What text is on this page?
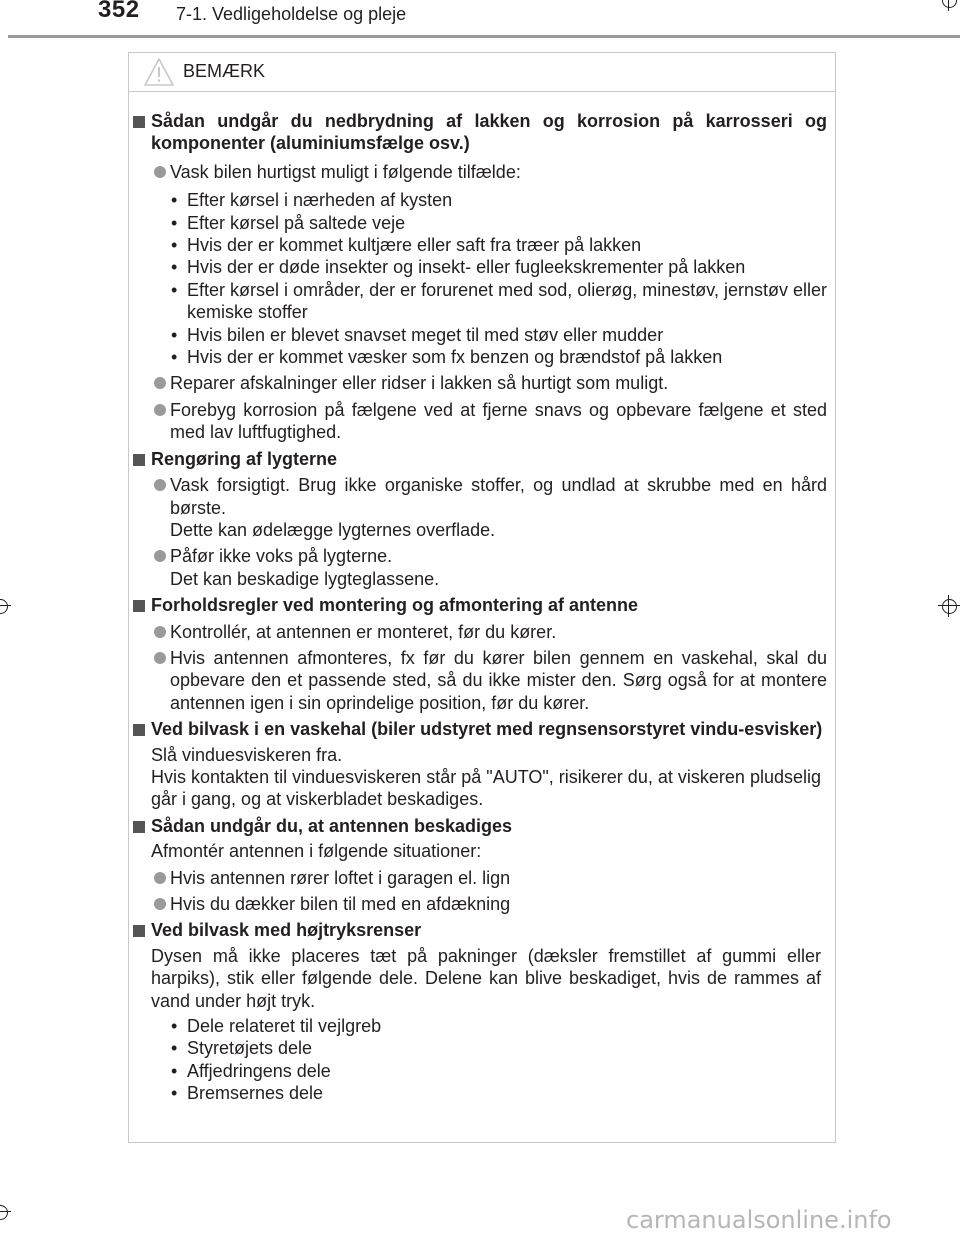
352 7-1. Vedligeholdelse og pleje
BEMÆRK
Sådan undgår du nedbrydning af lakken og korrosion på karrosseri og komponenter (aluminiumsfælge osv.)
Vask bilen hurtigst muligt i følgende tilfælde:
• Efter kørsel i nærheden af kysten
• Efter kørsel på saltede veje
• Hvis der er kommet kultjære eller saft fra træer på lakken
• Hvis der er døde insekter og insekt- eller fugleekskrementer på lakken
• Efter kørsel i områder, der er forurenet med sod, olierøg, minestøv, jernstøv eller kemiske stoffer
• Hvis bilen er blevet snavset meget til med støv eller mudder
• Hvis der er kommet væsker som fx benzen og brændstof på lakken
Reparer afskalninger eller ridser i lakken så hurtigt som muligt.
Forebyg korrosion på fælgene ved at fjerne snavs og opbevare fælgene et sted med lav luftfugtighed.
Rengøring af lygterne
Vask forsigtigt. Brug ikke organiske stoffer, og undlad at skrubbe med en hård børste.
Dette kan ødelægge lygternes overflade.
Påfør ikke voks på lygterne.
Det kan beskadige lygteglassene.
Forholdsregler ved montering og afmontering af antenne
Kontrollér, at antennen er monteret, før du kører.
Hvis antennen afmonteres, fx før du kører bilen gennem en vaskehal, skal du opbevare den et passende sted, så du ikke mister den. Sørg også for at montere antennen igen i sin oprindelige position, før du kører.
Ved bilvask i en vaskehal (biler udstyret med regnsensorstyret vindu-esvisker)
Slå vinduesviskeren fra.
Hvis kontakten til vinduesviskeren står på "AUTO", risikerer du, at viskeren pludselig går i gang, og at viskerbladet beskadiges.
Sådan undgår du, at antennen beskadiges
Afmontér antennen i følgende situationer:
Hvis antennen rører loftet i garagen el. lign
Hvis du dækker bilen til med en afdækning
Ved bilvask med højtryksrenser
Dysen må ikke placeres tæt på pakninger (dæksler fremstillet af gummi eller harpiks), stik eller følgende dele. Delene kan blive beskadiget, hvis de rammes af vand under højt tryk.
• Dele relateret til vejlgreb
• Styretøjets dele
• Affjedringens dele
• Bremsernes dele
carmanualsonline.info
